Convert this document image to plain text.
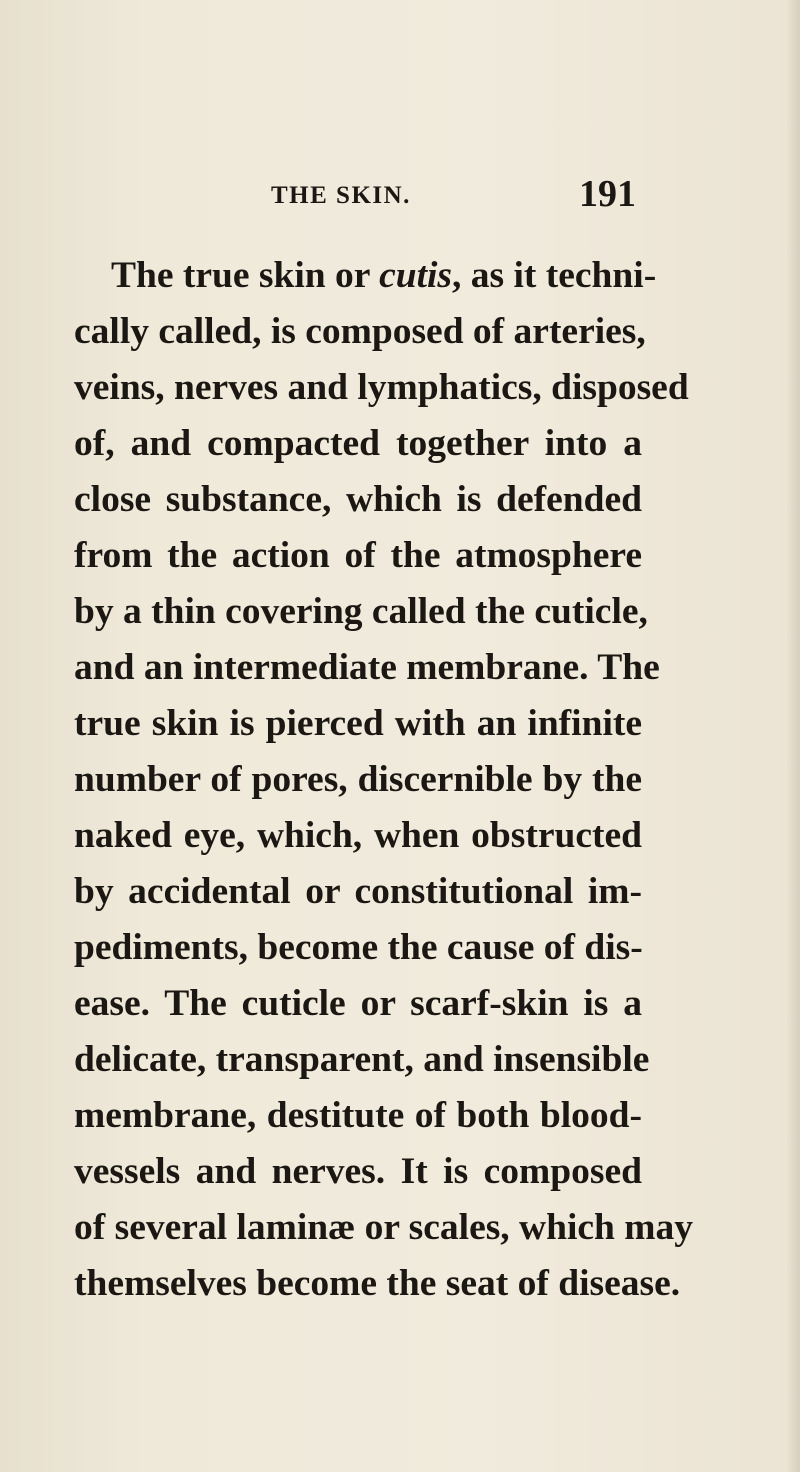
THE SKIN.	191
The true skin or cutis, as it techni-
cally called, is composed of arteries,
veins, nerves and lymphatics, disposed
of, and compacted together into a
close substance, which is defended
from the action of the atmosphere
by a thin covering called the cuticle,
and an intermediate membrane. The
true skin is pierced with an infinite
number of pores, discernible by the
naked eye, which, when obstructed
by accidental or constitutional im-
pediments, become the cause of dis-
ease. The cuticle or scarf-skin is a
delicate, transparent, and insensible
membrane, destitute of both blood-
vessels and nerves. It is composed
of several laminæ or scales, which may
themselves become the seat of disease.
